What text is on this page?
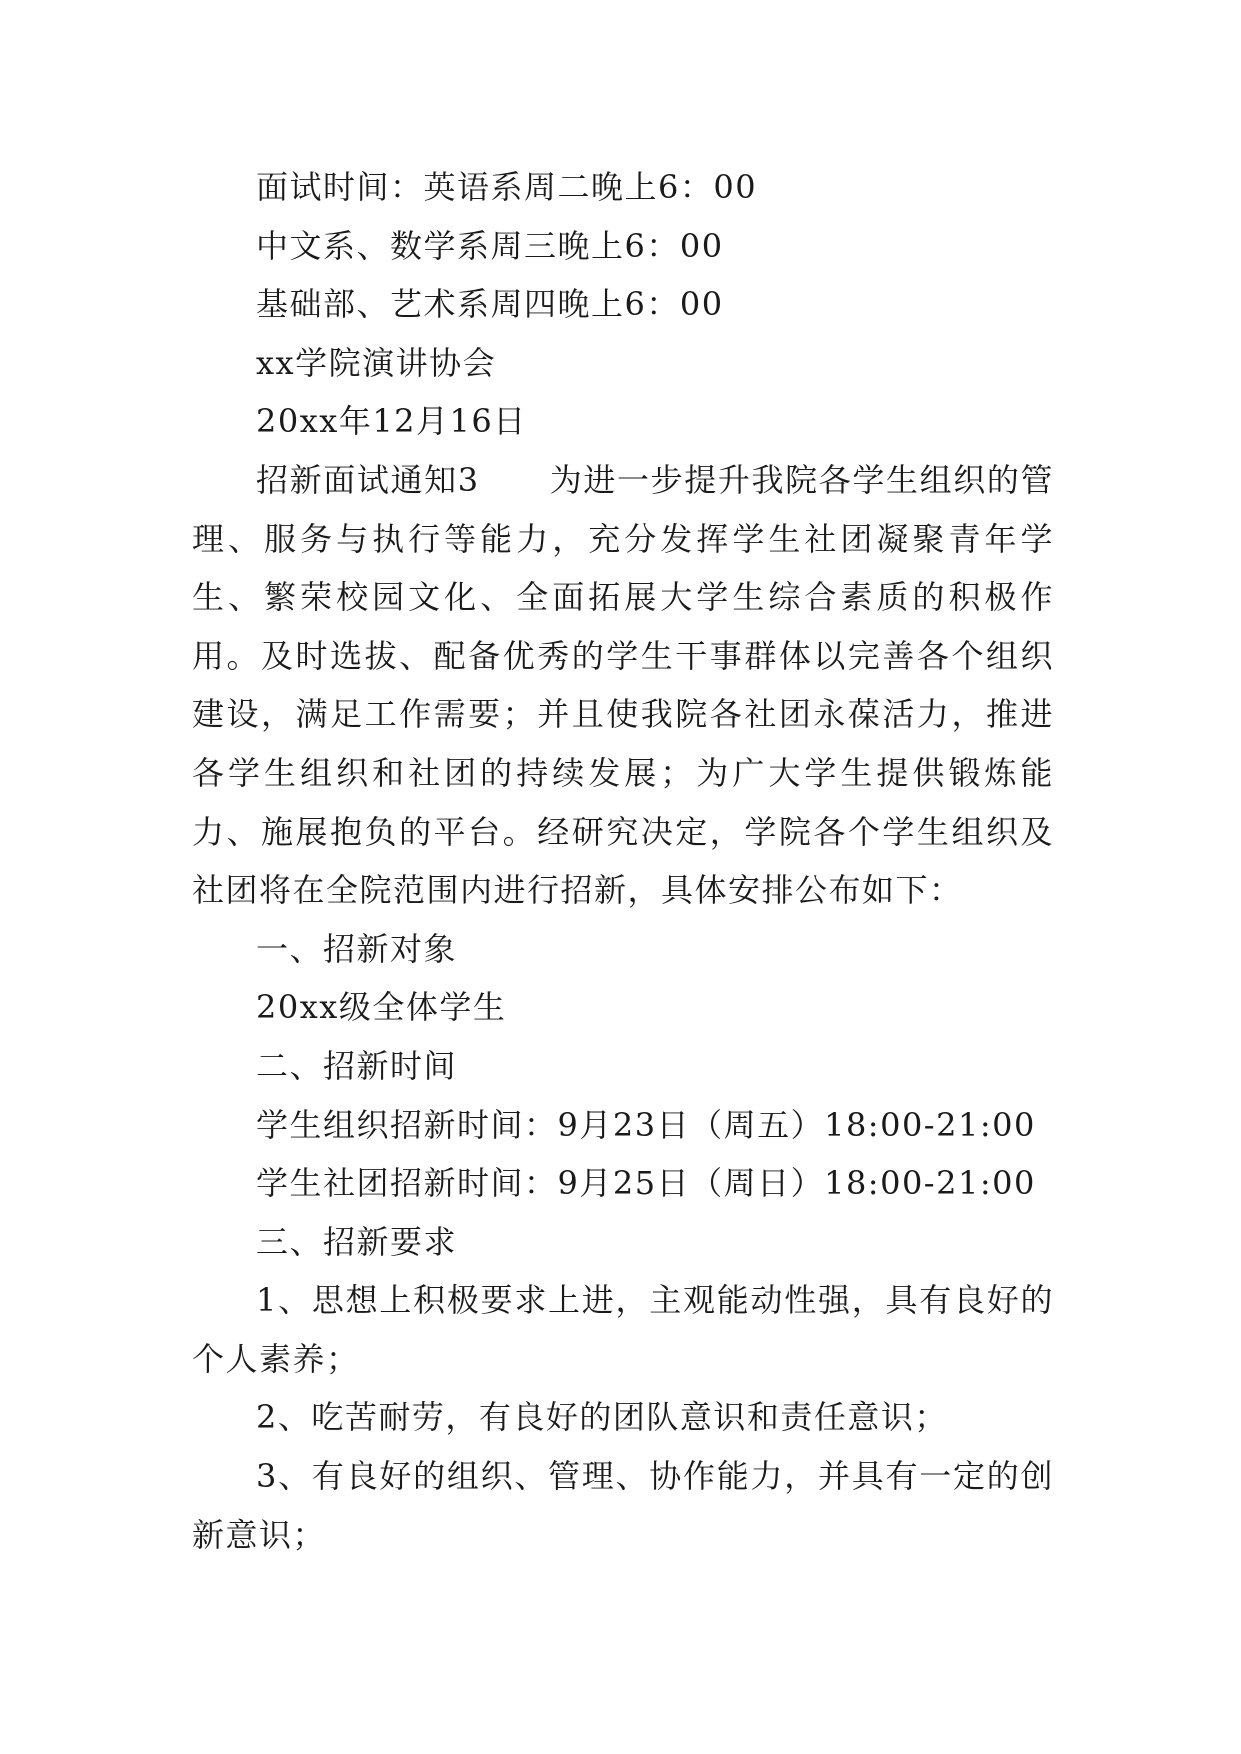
面试时间：英语系周二晚上6：00

中文系、数学系周三晚上6：00

基础部、艺术系周四晚上6：00

xx学院演讲协会

20xx年12月16日

招新面试通知3 为进一步提升我院各学生组织的管理、服务与执行等能力，充分发挥学生社团凝聚青年学生、繁荣校园文化、全面拓展大学生综合素质的积极作用。及时选拔、配备优秀的学生干事群体以完善各个组织建设，满足工作需要；并且使我院各社团永葆活力，推进各学生组织和社团的持续发展；为广大学生提供锻炼能力、施展抱负的平台。经研究决定，学院各个学生组织及社团将在全院范围内进行招新，具体安排公布如下：

一、招新对象

20xx级全体学生

二、招新时间

学生组织招新时间：9月23日（周五）18:00-21:00

学生社团招新时间：9月25日（周日）18:00-21:00

三、招新要求

1、思想上积极要求上进，主观能动性强，具有良好的个人素养；

2、吃苦耐劳，有良好的团队意识和责任意识；

3、有良好的组织、管理、协作能力，并具有一定的创新意识；
